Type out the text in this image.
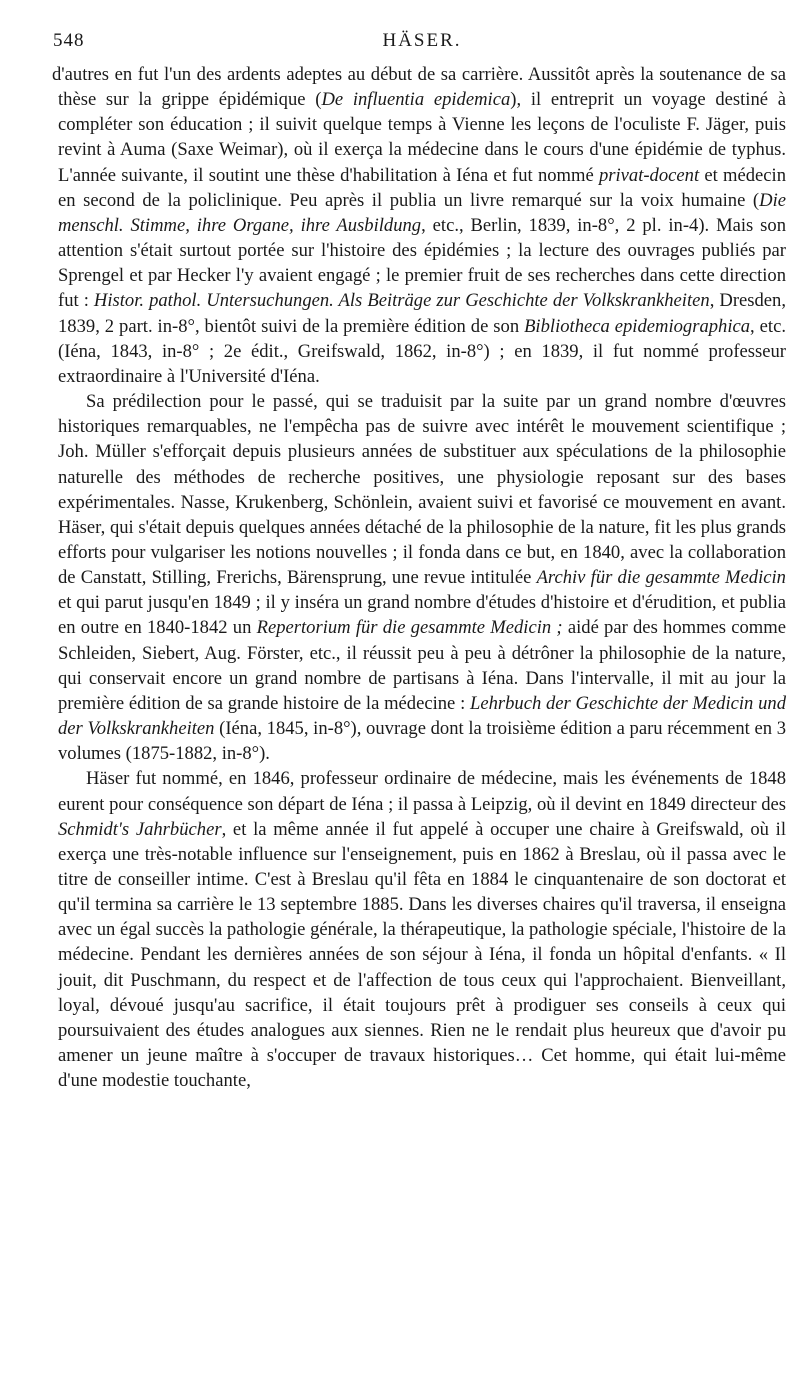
548	HÄSER.

d'autres en fut l'un des ardents adeptes au début de sa carrière. Aussitôt après la soutenance de sa thèse sur la grippe épidémique (De influentia epidemica), il entreprit un voyage destiné à compléter son éducation ; il suivit quelque temps à Vienne les leçons de l'oculiste F. Jäger, puis revint à Auma (Saxe Weimar), où il exerça la médecine dans le cours d'une épidémie de typhus. L'année suivante, il soutint une thèse d'habilitation à Iéna et fut nommé privat-docent et médecin en second de la policlinique. Peu après il publia un livre remarqué sur la voix humaine (Die menschl. Stimme, ihre Organe, ihre Ausbildung, etc., Berlin, 1839, in-8°, 2 pl. in-4). Mais son attention s'était surtout portée sur l'histoire des épidémies ; la lecture des ouvrages publiés par Sprengel et par Hecker l'y avaient engagé ; le premier fruit de ses recherches dans cette direction fut : Histor. pathol. Untersuchungen. Als Beiträge zur Geschichte der Volkskrankheiten, Dresden, 1839, 2 part. in-8°, bientôt suivi de la première édition de son Bibliotheca epidemiographica, etc. (Iéna, 1843, in-8° ; 2e édit., Greifswald, 1862, in-8°) ; en 1839, il fut nommé professeur extraordinaire à l'Université d'Iéna.

Sa prédilection pour le passé, qui se traduisit par la suite par un grand nombre d'œuvres historiques remarquables, ne l'empêcha pas de suivre avec intérêt le mouvement scientifique ; Joh. Müller s'efforçait depuis plusieurs années de substituer aux spéculations de la philosophie naturelle des méthodes de recherche positives, une physiologie reposant sur des bases expérimentales. Nasse, Krukenberg, Schönlein, avaient suivi et favorisé ce mouvement en avant. Häser, qui s'était depuis quelques années détaché de la philosophie de la nature, fit les plus grands efforts pour vulgariser les notions nouvelles ; il fonda dans ce but, en 1840, avec la collaboration de Canstatt, Stilling, Frerichs, Bärensprung, une revue intitulée Archiv für die gesammte Medicin et qui parut jusqu'en 1849 ; il y inséra un grand nombre d'études d'histoire et d'érudition, et publia en outre en 1840-1842 un Repertorium für die gesammte Medicin ; aidé par des hommes comme Schleiden, Siebert, Aug. Förster, etc., il réussit peu à peu à détrôner la philosophie de la nature, qui conservait encore un grand nombre de partisans à Iéna. Dans l'intervalle, il mit au jour la première édition de sa grande histoire de la médecine : Lehrbuch der Geschichte der Medicin und der Volkskrankheiten (Iéna, 1845, in-8°), ouvrage dont la troisième édition a paru récemment en 3 volumes (1875-1882, in-8°).

Häser fut nommé, en 1846, professeur ordinaire de médecine, mais les événements de 1848 eurent pour conséquence son départ de Iéna ; il passa à Leipzig, où il devint en 1849 directeur des Schmidt's Jahrbücher, et la même année il fut appelé à occuper une chaire à Greifswald, où il exerça une très-notable influence sur l'enseignement, puis en 1862 à Breslau, où il passa avec le titre de conseiller intime. C'est à Breslau qu'il fêta en 1884 le cinquantenaire de son doctorat et qu'il termina sa carrière le 13 septembre 1885. Dans les diverses chaires qu'il traversa, il enseigna avec un égal succès la pathologie générale, la thérapeutique, la pathologie spéciale, l'histoire de la médecine. Pendant les dernières années de son séjour à Iéna, il fonda un hôpital d'enfants. « Il jouit, dit Puschmann, du respect et de l'affection de tous ceux qui l'approchaient. Bienveillant, loyal, dévoué jusqu'au sacrifice, il était toujours prêt à prodiguer ses conseils à ceux qui poursuivaient des études analogues aux siennes. Rien ne le rendait plus heureux que d'avoir pu amener un jeune maître à s'occuper de travaux historiques… Cet homme, qui était lui-même d'une modestie touchante,
